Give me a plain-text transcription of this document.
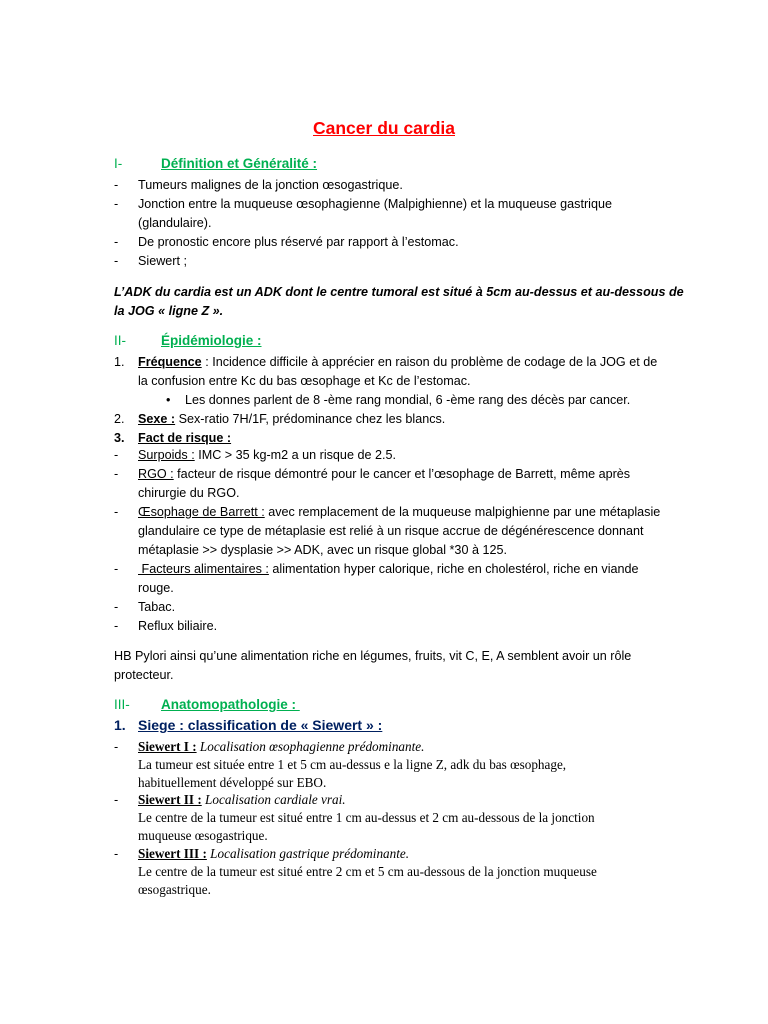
Cancer du cardia
I-	Définition et Généralité :
- Tumeurs malignes de la jonction œsogastrique.
- Jonction entre la muqueuse œsophagienne (Malpighienne) et la muqueuse gastrique
(glandulaire).
- De pronostic encore plus réservé par rapport à l’estomac.
- Siewert ;
L’ADK du cardia est un ADK dont le centre tumoral est situé à 5cm au-dessus et au-dessous de
la JOG « ligne Z ».
II-	Épidémiologie :
1. Fréquence : Incidence difficile à apprécier en raison du problème de codage de la JOG et de
la confusion entre Kc du bas œsophage et Kc de l’estomac.
• Les donnes parlent de 8 -ème rang mondial, 6 -ème rang des décès par cancer.
2. Sexe : Sex-ratio 7H/1F, prédominance chez les blancs.
3. Fact de risque :
- Surpoids : IMC > 35 kg-m2 a un risque de 2.5.
- RGO : facteur de risque démontré pour le cancer et l’œsophage de Barrett, même après
chirurgie du RGO.
- Œsophage de Barrett : avec remplacement de la muqueuse malpighienne par une métaplasie
glandulaire ce type de métaplasie est relié à un risque accrue de dégénérescence donnant
métaplasie >> dysplasie >> ADK, avec un risque global *30 à 125.
- Facteurs alimentaires : alimentation hyper calorique, riche en cholestérol, riche en viande
rouge.
- Tabac.
- Reflux biliaire.
HB Pylori ainsi qu’une alimentation riche en légumes, fruits, vit C, E, A semblent avoir un rôle
protecteur.
III- Anatomopathologie :
1. Siege : classification de « Siewert » :
- Siewert I : Localisation œsophagienne prédominante.
La tumeur est située entre 1 et 5 cm au-dessus e la ligne Z, adk du bas œsophage,
habituellement développé sur EBO.
- Siewert II : Localisation cardiale vrai.
Le centre de la tumeur est situé entre 1 cm au-dessus et 2 cm au-dessous de la jonction
muqueuse œsogastrique.
- Siewert III : Localisation gastrique prédominante.
Le centre de la tumeur est situé entre 2 cm et 5 cm au-dessous de la jonction muqueuse
œsogastrique.
